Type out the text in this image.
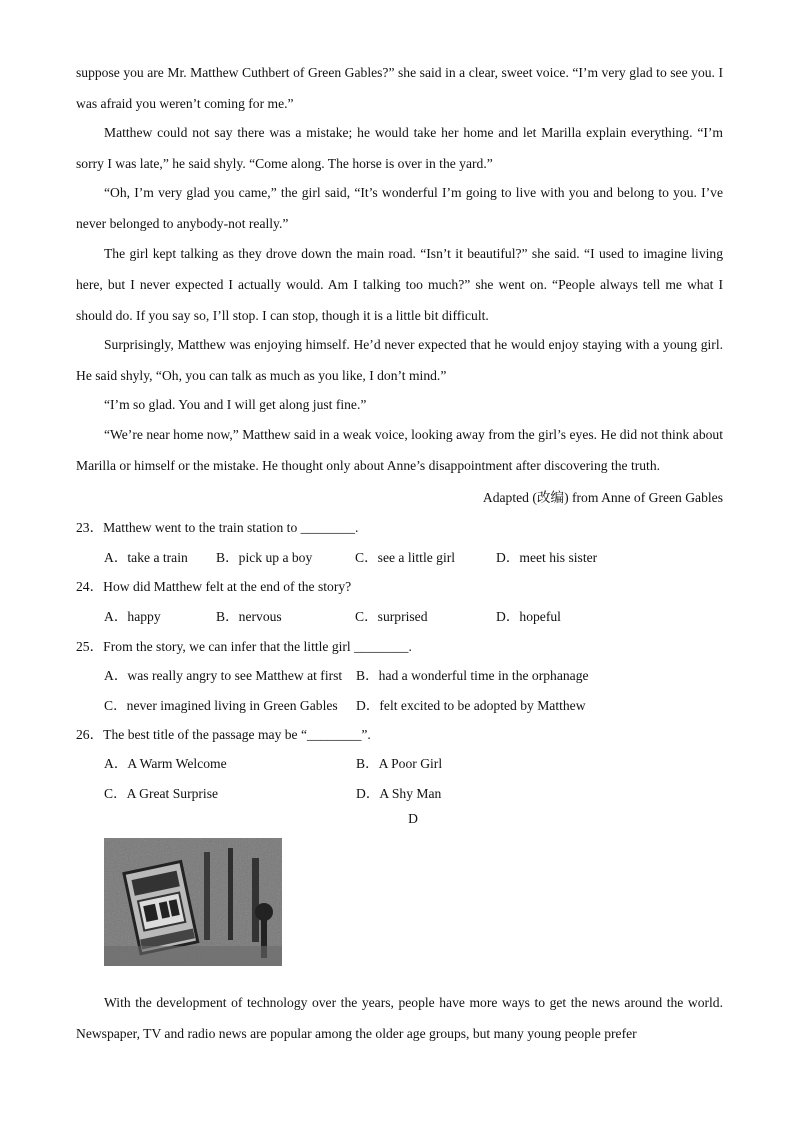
suppose you are Mr. Matthew Cuthbert of Green Gables?” she said in a clear, sweet voice. “I’m very glad to see you. I was afraid you weren’t coming for me.”
Matthew could not say there was a mistake; he would take her home and let Marilla explain everything. “I’m sorry I was late,” he said shyly. “Come along. The horse is over in the yard.”
“Oh, I’m very glad you came,” the girl said, “It’s wonderful I’m going to live with you and belong to you. I’ve never belonged to anybody-not really.”
The girl kept talking as they drove down the main road. “Isn’t it beautiful?” she said. “I used to imagine living here, but I never expected I actually would. Am I talking too much?” she went on. “People always tell me what I should do. If you say so, I’ll stop. I can stop, though it is a little bit difficult.
Surprisingly, Matthew was enjoying himself. He’d never expected that he would enjoy staying with a young girl. He said shyly, “Oh, you can talk as much as you like, I don’t mind.”
“I’m so glad. You and I will get along just fine.”
“We’re near home now,” Matthew said in a weak voice, looking away from the girl’s eyes. He did not think about Marilla or himself or the mistake. He thought only about Anne’s disappointment after discovering the truth.
Adapted (改编) from Anne of Green Gables
23．Matthew went to the train station to ________.
A．take a train B．pick up a boy	C．see a little girl	D．meet his sister
24．How did Matthew felt at the end of the story?
A．happy	B．nervous	C．surprised	D．hopeful
25．From the story, we can infer that the little girl ________.
A．was really angry to see Matthew at first B．had a wonderful time in the orphanage
C．never imagined living in Green Gables D．felt excited to be adopted by Matthew
26．The best title of the passage may be “________”.
A．A Warm Welcome	B．A Poor Girl
C．A Great Surprise	D．A Shy Man
D
With the development of technology over the years, people have more ways to get the news around the world. Newspaper, TV and radio news are popular among the older age groups, but many young people prefer
